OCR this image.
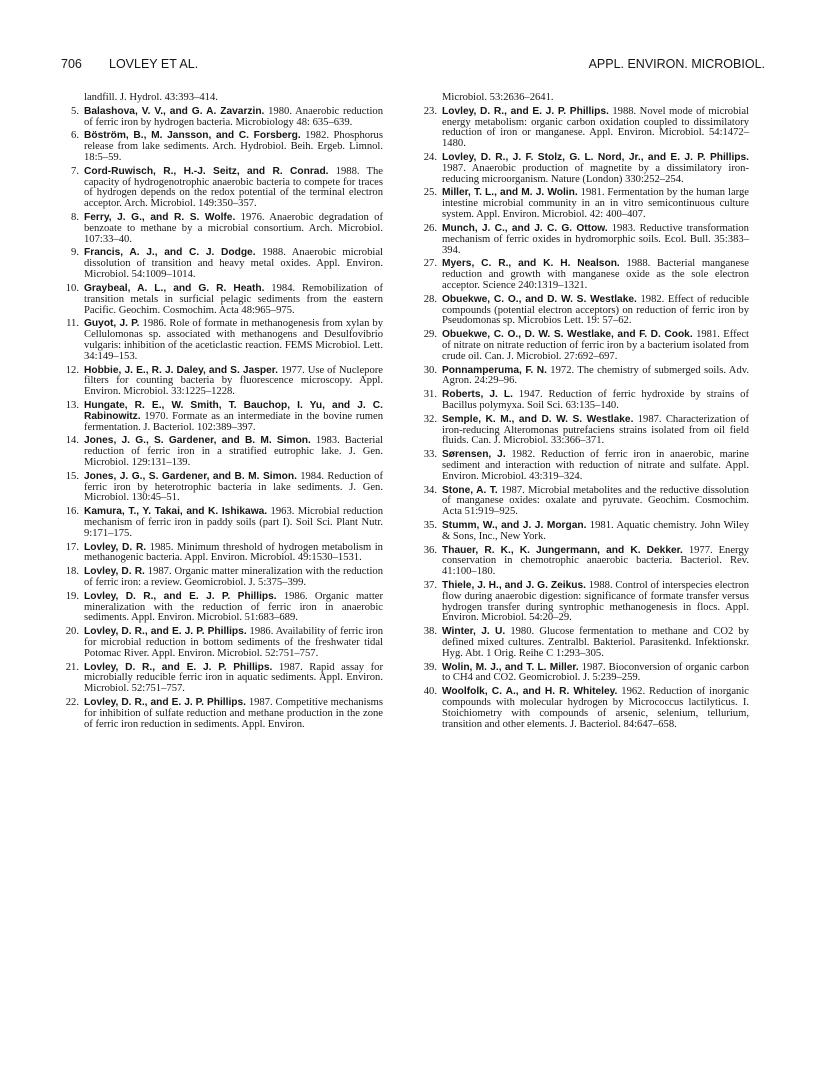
706 LOVLEY ET AL.	APPL. ENVIRON. MICROBIOL.
landfill. J. Hydrol. 43:393–414.
5. Balashova, V. V., and G. A. Zavarzin. 1980. Anaerobic reduction of ferric iron by hydrogen bacteria. Microbiology 48: 635–639.
6. Böström, B., M. Jansson, and C. Forsberg. 1982. Phosphorus release from lake sediments. Arch. Hydrobiol. Beih. Ergeb. Limnol. 18:5–59.
7. Cord-Ruwisch, R., H.-J. Seitz, and R. Conrad. 1988. The capacity of hydrogenotrophic anaerobic bacteria to compete for traces of hydrogen depends on the redox potential of the terminal electron acceptor. Arch. Microbiol. 149:350–357.
8. Ferry, J. G., and R. S. Wolfe. 1976. Anaerobic degradation of benzoate to methane by a microbial consortium. Arch. Microbiol. 107:33–40.
9. Francis, A. J., and C. J. Dodge. 1988. Anaerobic microbial dissolution of transition and heavy metal oxides. Appl. Environ. Microbiol. 54:1009–1014.
10. Graybeal, A. L., and G. R. Heath. 1984. Remobilization of transition metals in surficial pelagic sediments from the eastern Pacific. Geochim. Cosmochim. Acta 48:965–975.
11. Guyot, J. P. 1986. Role of formate in methanogenesis from xylan by Cellulomonas sp. associated with methanogens and Desulfovibrio vulgaris: inhibition of the aceticlastic reaction. FEMS Microbiol. Lett. 34:149–153.
12. Hobbie, J. E., R. J. Daley, and S. Jasper. 1977. Use of Nuclepore filters for counting bacteria by fluorescence microscopy. Appl. Environ. Microbiol. 33:1225–1228.
13. Hungate, R. E., W. Smith, T. Bauchop, I. Yu, and J. C. Rabinowitz. 1970. Formate as an intermediate in the bovine rumen fermentation. J. Bacteriol. 102:389–397.
14. Jones, J. G., S. Gardener, and B. M. Simon. 1983. Bacterial reduction of ferric iron in a stratified eutrophic lake. J. Gen. Microbiol. 129:131–139.
15. Jones, J. G., S. Gardener, and B. M. Simon. 1984. Reduction of ferric iron by heterotrophic bacteria in lake sediments. J. Gen. Microbiol. 130:45–51.
16. Kamura, T., Y. Takai, and K. Ishikawa. 1963. Microbial reduction mechanism of ferric iron in paddy soils (part I). Soil Sci. Plant Nutr. 9:171–175.
17. Lovley, D. R. 1985. Minimum threshold of hydrogen metabolism in methanogenic bacteria. Appl. Environ. Microbiol. 49:1530–1531.
18. Lovley, D. R. 1987. Organic matter mineralization with the reduction of ferric iron: a review. Geomicrobiol. J. 5:375–399.
19. Lovley, D. R., and E. J. P. Phillips. 1986. Organic matter mineralization with the reduction of ferric iron in anaerobic sediments. Appl. Environ. Microbiol. 51:683–689.
20. Lovley, D. R., and E. J. P. Phillips. 1986. Availability of ferric iron for microbial reduction in bottom sediments of the freshwater tidal Potomac River. Appl. Environ. Microbiol. 52:751–757.
21. Lovley, D. R., and E. J. P. Phillips. 1987. Rapid assay for microbially reducible ferric iron in aquatic sediments. Appl. Environ. Microbiol. 52:751–757.
22. Lovley, D. R., and E. J. P. Phillips. 1987. Competitive mechanisms for inhibition of sulfate reduction and methane production in the zone of ferric iron reduction in sediments. Appl. Environ.
Microbiol. 53:2636–2641.
23. Lovley, D. R., and E. J. P. Phillips. 1988. Novel mode of microbial energy metabolism: organic carbon oxidation coupled to dissimilatory reduction of iron or manganese. Appl. Environ. Microbiol. 54:1472–1480.
24. Lovley, D. R., J. F. Stolz, G. L. Nord, Jr., and E. J. P. Phillips. 1987. Anaerobic production of magnetite by a dissimilatory iron-reducing microorganism. Nature (London) 330:252–254.
25. Miller, T. L., and M. J. Wolin. 1981. Fermentation by the human large intestine microbial community in an in vitro semicontinuous culture system. Appl. Environ. Microbiol. 42: 400–407.
26. Munch, J. C., and J. C. G. Ottow. 1983. Reductive transformation mechanism of ferric oxides in hydromorphic soils. Ecol. Bull. 35:383–394.
27. Myers, C. R., and K. H. Nealson. 1988. Bacterial manganese reduction and growth with manganese oxide as the sole electron acceptor. Science 240:1319–1321.
28. Obuekwe, C. O., and D. W. S. Westlake. 1982. Effect of reducible compounds (potential electron acceptors) on reduction of ferric iron by Pseudomonas sp. Microbios Lett. 19: 57–62.
29. Obuekwe, C. O., D. W. S. Westlake, and F. D. Cook. 1981. Effect of nitrate on nitrate reduction of ferric iron by a bacterium isolated from crude oil. Can. J. Microbiol. 27:692–697.
30. Ponnamperuma, F. N. 1972. The chemistry of submerged soils. Adv. Agron. 24:29–96.
31. Roberts, J. L. 1947. Reduction of ferric hydroxide by strains of Bacillus polymyxa. Soil Sci. 63:135–140.
32. Semple, K. M., and D. W. S. Westlake. 1987. Characterization of iron-reducing Alteromonas putrefaciens strains isolated from oil field fluids. Can. J. Microbiol. 33:366–371.
33. Sørensen, J. 1982. Reduction of ferric iron in anaerobic, marine sediment and interaction with reduction of nitrate and sulfate. Appl. Environ. Microbiol. 43:319–324.
34. Stone, A. T. 1987. Microbial metabolites and the reductive dissolution of manganese oxides: oxalate and pyruvate. Geochim. Cosmochim. Acta 51:919–925.
35. Stumm, W., and J. J. Morgan. 1981. Aquatic chemistry. John Wiley & Sons, Inc., New York.
36. Thauer, R. K., K. Jungermann, and K. Dekker. 1977. Energy conservation in chemotrophic anaerobic bacteria. Bacteriol. Rev. 41:100–180.
37. Thiele, J. H., and J. G. Zeikus. 1988. Control of interspecies electron flow during anaerobic digestion: significance of formate transfer versus hydrogen transfer during syntrophic methanogenesis in flocs. Appl. Environ. Microbiol. 54:20–29.
38. Winter, J. U. 1980. Glucose fermentation to methane and CO2 by defined mixed cultures. Zentralbl. Bakteriol. Parasitenkd. Infektionskr. Hyg. Abt. 1 Orig. Reihe C 1:293–305.
39. Wolin, M. J., and T. L. Miller. 1987. Bioconversion of organic carbon to CH4 and CO2. Geomicrobiol. J. 5:239–259.
40. Woolfolk, C. A., and H. R. Whiteley. 1962. Reduction of inorganic compounds with molecular hydrogen by Micrococcus lactilyticus. I. Stoichiometry with compounds of arsenic, selenium, tellurium, transition and other elements. J. Bacteriol. 84:647–658.
